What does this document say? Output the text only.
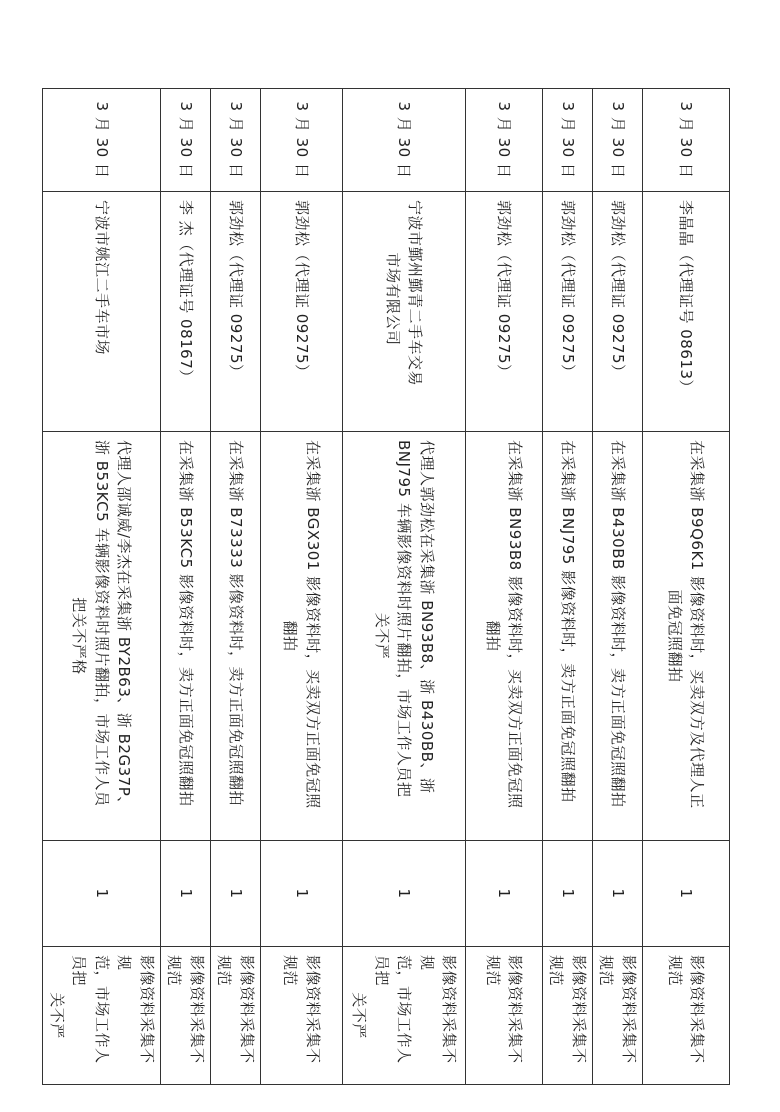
3 月 30 日	李晶晶（代理证号 08613）	在采集浙 B9Q6K1 影像资料时，买卖双方及代理人正
面免冠照翻拍	1	影像资料采集不规范

3 月 30 日	郭劲松（代理证 09275）	在采集浙 B430BB 影像资料时，卖方正面免冠照翻拍	1	影像资料采集不规范

3 月 30 日	郭劲松（代理证 09275）	在采集浙 BNJ795 影像资料时，卖方正面免冠照翻拍	1	影像资料采集不规范

3 月 30 日	郭劲松（代理证 09275）	在采集浙 BN93B8 影像资料时，买卖双方正面免冠照
翻拍	1	影像资料采集不规范

3 月 30 日	宁波市鄞州鄞青二手车交易
市场有限公司	代理人郭劲松在采集浙 BN93B8、浙 B430BB、浙
BNJ795 车辆影像资料时照片翻拍，市场工作人员把
关不严	1	影像资料采集不规
范，市场工作人员把
关不严

3 月 30 日	郭劲松（代理证 09275）	在采集浙 BGX301 影像资料时，买卖双方正面免冠照
翻拍	1	影像资料采集不规范

3 月 30 日	郭劲松（代理证 09275）	在采集浙 B73333 影像资料时，卖方正面免冠照翻拍	1	影像资料采集不规范

3 月 30 日	李 杰（代理证号 08167）	在采集浙 B53KC5 影像资料时，卖方正面免冠照翻拍	1	影像资料采集不规范

3 月 30 日	宁波市姚江二手车市场	代理人邵诚威/李杰在采集浙 BY2B63、浙 B2G37P、
浙 B53KC5 车辆影像资料时照片翻拍，市场工作人员
把关不严格	1	影像资料采集不规
范，市场工作人员把
关不严
